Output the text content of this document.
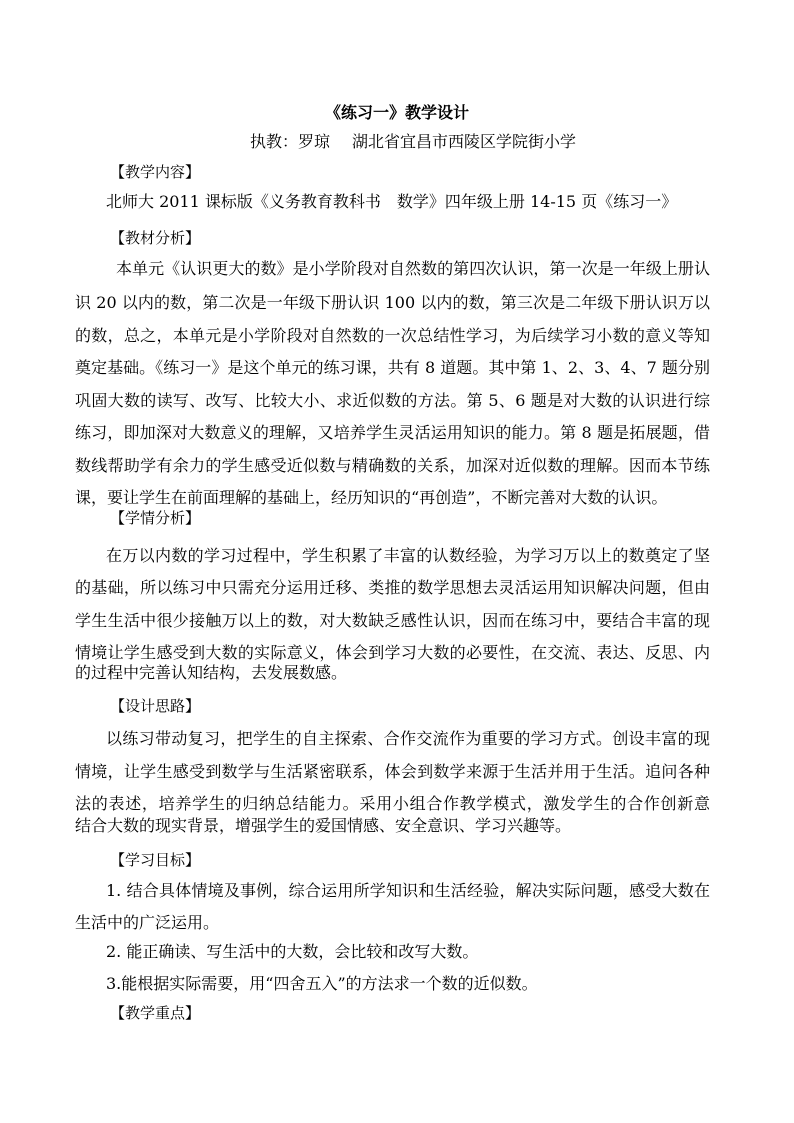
《练习一》教学设计
执教：罗琼 湖北省宜昌市西陵区学院街小学
【教学内容】
北师大 2011 课标版《义务教育教科书　数学》四年级上册 14-15 页《练习一》
【教材分析】
本单元《认识更大的数》是小学阶段对自然数的第四次认识，第一次是一年级上册认
识 20 以内的数，第二次是一年级下册认识 100 以内的数，第三次是二年级下册认识万以
的数，总之，本单元是小学阶段对自然数的一次总结性学习，为后续学习小数的意义等知
奠定基础。《练习一》是这个单元的练习课，共有 8 道题。其中第 1、2、3、4、7 题分别
巩固大数的读写、改写、比较大小、求近似数的方法。第 5、6 题是对大数的认识进行综
练习，即加深对大数意义的理解，又培养学生灵活运用知识的能力。第 8 题是拓展题，借
数线帮助学有余力的学生感受近似数与精确数的关系，加深对近似数的理解。因而本节练
课，要让学生在前面理解的基础上，经历知识的“再创造”，不断完善对大数的认识。
【学情分析】
在万以内数的学习过程中，学生积累了丰富的认数经验，为学习万以上的数奠定了坚
的基础，所以练习中只需充分运用迁移、类推的数学思想去灵活运用知识解决问题，但由
学生生活中很少接触万以上的数，对大数缺乏感性认识，因而在练习中，要结合丰富的现
情境让学生感受到大数的实际意义，体会到学习大数的必要性，在交流、表达、反思、内
的过程中完善认知结构，去发展数感。
【设计思路】
以练习带动复习，把学生的自主探索、合作交流作为重要的学习方式。创设丰富的现
情境，让学生感受到数学与生活紧密联系，体会到数学来源于生活并用于生活。追问各种
法的表述，培养学生的归纳总结能力。采用小组合作教学模式，激发学生的合作创新意
结合大数的现实背景，增强学生的爱国情感、安全意识、学习兴趣等。
【学习目标】
1. 结合具体情境及事例，综合运用所学知识和生活经验，解决实际问题，感受大数在
生活中的广泛运用。
2. 能正确读、写生活中的大数，会比较和改写大数。
3.能根据实际需要，用“四舍五入”的方法求一个数的近似数。
【教学重点】
